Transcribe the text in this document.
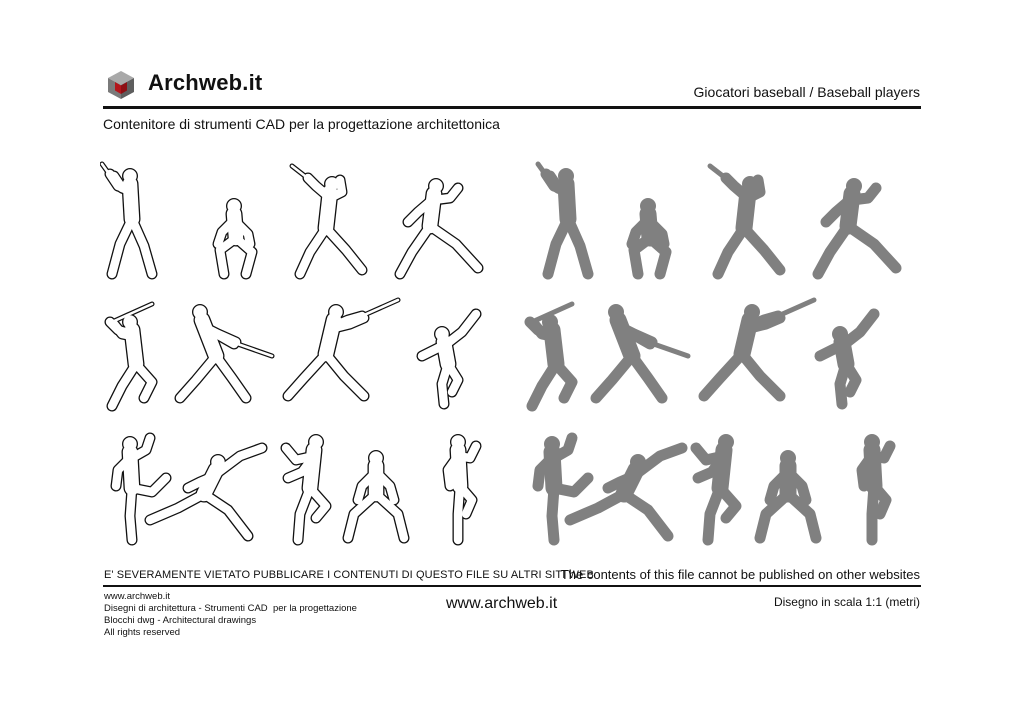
Archweb.it	Giocatori baseball / Baseball players
Contenitore di strumenti CAD per la progettazione architettonica
E' SEVERAMENTE VIETATO PUBBLICARE I CONTENUTI DI QUESTO FILE SU ALTRI SITI WEB
The contents of this file cannot be published on other websites
www.archweb.it
Disegni di architettura - Strumenti CAD  per la progettazione
Blocchi dwg - Architectural drawings
All rights reserved
www.archweb.it	Disegno in scala 1:1 (metri)
